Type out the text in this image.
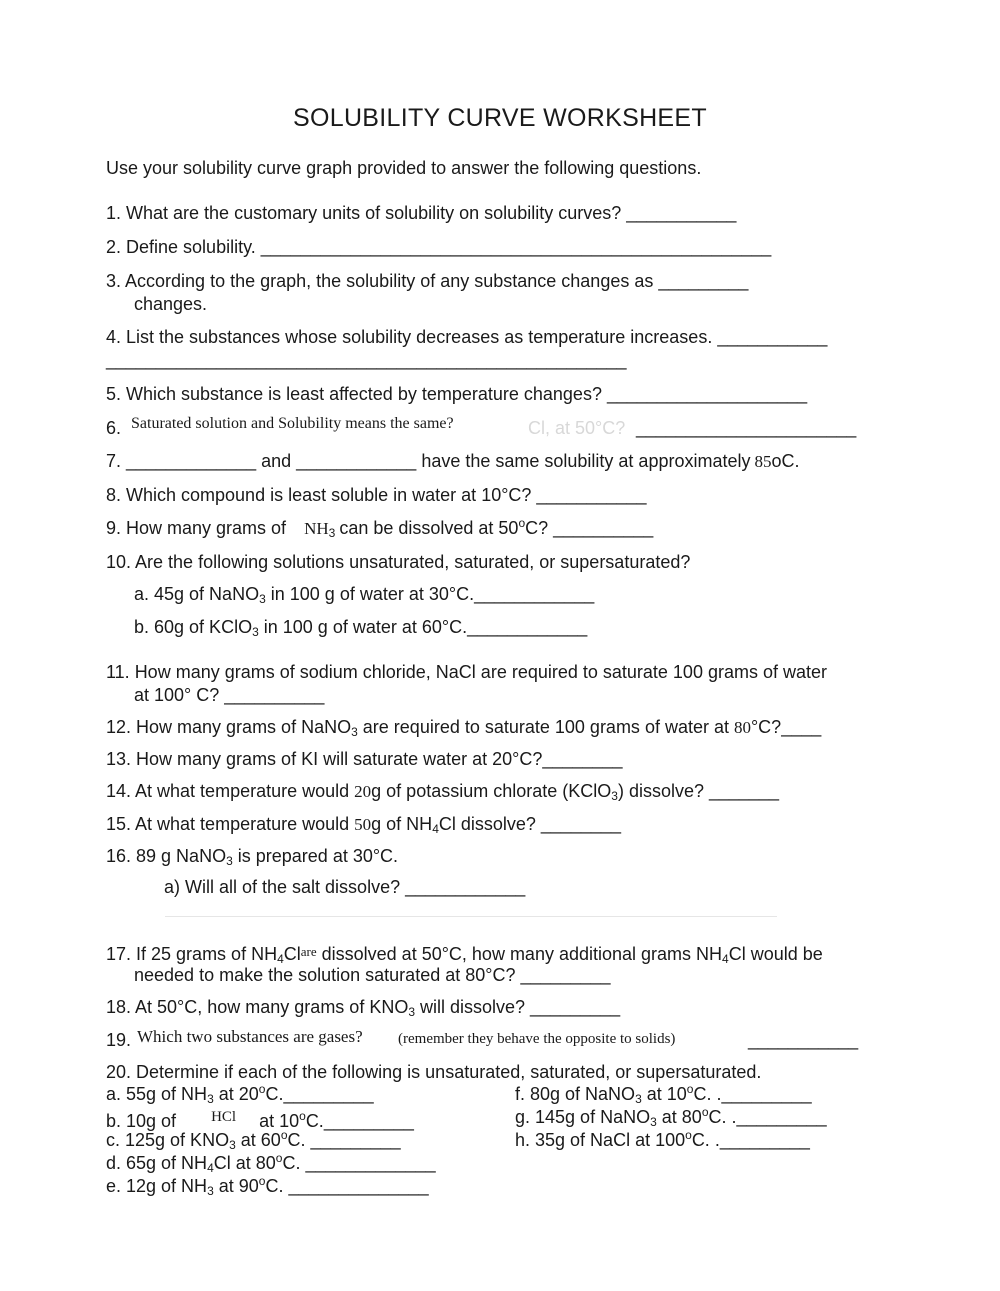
SOLUBILITY CURVE WORKSHEET
Use your solubility curve graph provided to answer the following questions.
1. What are the customary units of solubility on solubility curves? ___________
2. Define solubility. ___________________________________________________
3. According to the graph, the solubility of any substance changes as _________
changes.
4. List the substances whose solubility decreases as temperature increases. ___________
____________________________________________________
5. Which substance is least affected by temperature changes? ____________________
6. Saturated solution and Solubility means the same?	Cl, at 50°C? ______________________
7. _____________ and ____________ have the same solubility at approximately 85oC.
8. Which compound is least soluble in water at 10°C? ___________
9. How many grams of $NH_3$ can be dissolved at 50$^o$C? __________
10. Are the following solutions unsaturated, saturated, or supersaturated?
a. 45g of NaNO$_3$ in 100 g of water at 30°C.____________
b. 60g of KClO$_3$ in 100 g of water at 60°C.____________
11. How many grams of sodium chloride, NaCl are required to saturate 100 grams of water
at 100° C? __________
12. How many grams of NaNO$_3$ are required to saturate 100 grams of water at 80°C?____
13. How many grams of KI will saturate water at 20°C?________
14. At what temperature would 20g of potassium chlorate (KClO$_3$) dissolve? _______
15. At what temperature would 50g of $NH_4Cl$ dissolve? ________
16. 89 g NaNO$_3$ is prepared at 30°C.
a) Will all of the salt dissolve? ____________
17. If 25 grams of $NH_4Cl^{are}$ dissolved at 50°C, how many additional grams $NH_4Cl$ would be
needed to make the solution saturated at 80°C? _________
18. At 50°C, how many grams of $KNO_3$ will dissolve? _________
19. Which two substances are gases? (remember they behave the opposite to solids)	___________
20. Determine if each of the following is unsaturated, saturated, or supersaturated.
a. 55g of $NH_3$ at 20$^o$C._________
b. 10g of $^{HCl}$ at 10$^o$C._________
c. 125g of $KNO_3$ at 60$^o$C. _________
d. 65g of $NH_4Cl$ at 80$^o$C. _____________
e. 12g of $NH_3$ at 90$^o$C. ______________
f. 80g of NaNO$_3$ at 10$^o$C. ._________
g. 145g of NaNO$_3$ at 80$^o$C. ._________
h. 35g of NaCl at 100$^o$C. ._________
